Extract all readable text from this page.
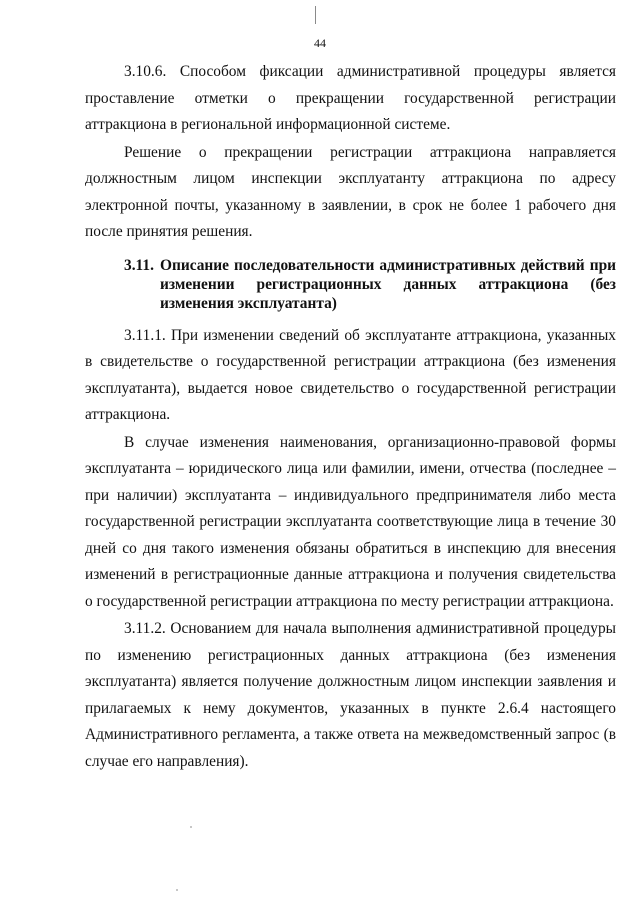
44

3.10.6. Способом фиксации административной процедуры является проставление отметки о прекращении государственной регистрации аттракциона в региональной информационной системе.

Решение о прекращении регистрации аттракциона направляется должностным лицом инспекции эксплуатанту аттракциона по адресу электронной почты, указанному в заявлении, в срок не более 1 рабочего дня после принятия решения.

3.11. Описание последовательности административных действий при изменении регистрационных данных аттракциона (без изменения эксплуатанта)

3.11.1. При изменении сведений об эксплуатанте аттракциона, указанных в свидетельстве о государственной регистрации аттракциона (без изменения эксплуатанта), выдается новое свидетельство о государственной регистрации аттракциона.

В случае изменения наименования, организационно-правовой формы эксплуатанта – юридического лица или фамилии, имени, отчества (последнее – при наличии) эксплуатанта – индивидуального предпринимателя либо места государственной регистрации эксплуатанта соответствующие лица в течение 30 дней со дня такого изменения обязаны обратиться в инспекцию для внесения изменений в регистрационные данные аттракциона и получения свидетельства о государственной регистрации аттракциона по месту регистрации аттракциона.

3.11.2. Основанием для начала выполнения административной процедуры по изменению регистрационных данных аттракциона (без изменения эксплуатанта) является получение должностным лицом инспекции заявления и прилагаемых к нему документов, указанных в пункте 2.6.4 настоящего Административного регламента, а также ответа на межведомственный запрос (в случае его направления).
